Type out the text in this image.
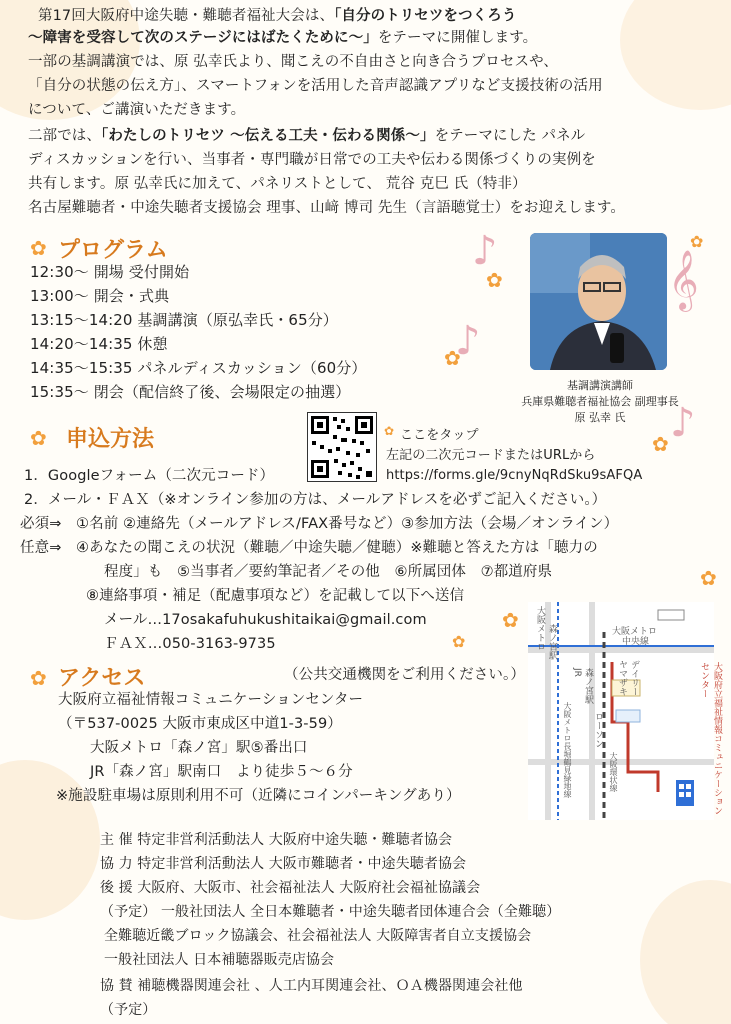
第17回大阪府中途失聴・難聴者福祉大会は、「自分のトリセツをつくろう
〜障害を受容して次のステージにはばたくために〜」をテーマに開催します。
一部の基調講演では、原 弘幸氏より、聞こえの不自由さと向き合うプロセスや、
「自分の状態の伝え方」、スマートフォンを活用した音声認識アプリなど支援技術の活用
について、ご講演いただきます。
二部では、「わたしのトリセツ 〜伝える工夫・伝わる関係〜」をテーマにした パネル
ディスカッションを行い、当事者・専門職が日常での工夫や伝わる関係づくりの実例を
共有します。原 弘幸氏に加えて、パネリストとして、 荒谷 克巳 氏（特非）
名古屋難聴者・中途失聴者支援協会 理事、山﨑 博司 先生（言語聴覚士）をお迎えします。
✿ プログラム
12:30〜 開場 受付開始
13:00〜 開会・式典
13:15〜14:20 基調講演（原弘幸氏・65分）
14:20〜14:35 休憩
14:35〜15:35 パネルディスカッション（60分）
15:35〜 閉会（配信終了後、会場限定の抽選）
♪
♪
𝄞
♪
✿
✿
✿
✿
✿
✿
✿
基調講演講師
兵庫県難聴者福祉協会 副理事長
原 弘幸 氏
✿ 申込方法	✿ ここをタップ
左記の二次元コードまたはURLから
https://forms.gle/9cnyNqRdSku9sAFQA
1．Googleフォーム（二次元コード）
2．メール・ＦＡＸ（※オンライン参加の方は、メールアドレスを必ずご記入ください。）
必須⇒　①名前 ②連絡先（メールアドレス/FAX番号など）③参加方法（会場／オンライン）
任意⇒　④あなたの聞こえの状況（難聴／中途失聴／健聴）※難聴と答えた方は「聴力の
程度」も　⑤当事者／要約筆記者／その他　⑥所属団体　⑦都道府県
⑧連絡事項・補足（配慮事項など）を記載して以下へ送信
メール…17osakafuhukushitaikai@gmail.com
ＦＡＸ…050-3163-9735
✿ アクセス	（公共交通機関をご利用ください。）
大阪府立福祉情報コミュニケーションセンター
（〒537-0025 大阪市東成区中道1-3-59）
大阪メトロ「森ノ宮」駅⑤番出口
JR「森ノ宮」駅南口　より徒歩５〜６分
※施設駐車場は原則利用不可（近隣にコインパーキングあり）
大阪メトロ 森ノ宮駅	大阪メトロ
中央線
JR 森ノ宮駅	デイリー
ヤマザキ
ローソン	大阪府立福祉情報コミュニケーションセンター
大阪メトロ長堀鶴見緑地線	大阪環状線
主 催 特定非営利活動法人 大阪府中途失聴・難聴者協会
協 力 特定非営利活動法人 大阪市難聴者・中途失聴者協会
後 援 大阪府、大阪市、社会福祉法人 大阪府社会福祉協議会
（予定） 一般社団法人 全日本難聴者・中途失聴者団体連合会（全難聴）
全難聴近畿ブロック協議会、社会福祉法人 大阪障害者自立支援協会
一般社団法人 日本補聴器販売店協会
協 賛 補聴機器関連会社 、人工内耳関連会社、ＯＡ機器関連会社他
（予定）
